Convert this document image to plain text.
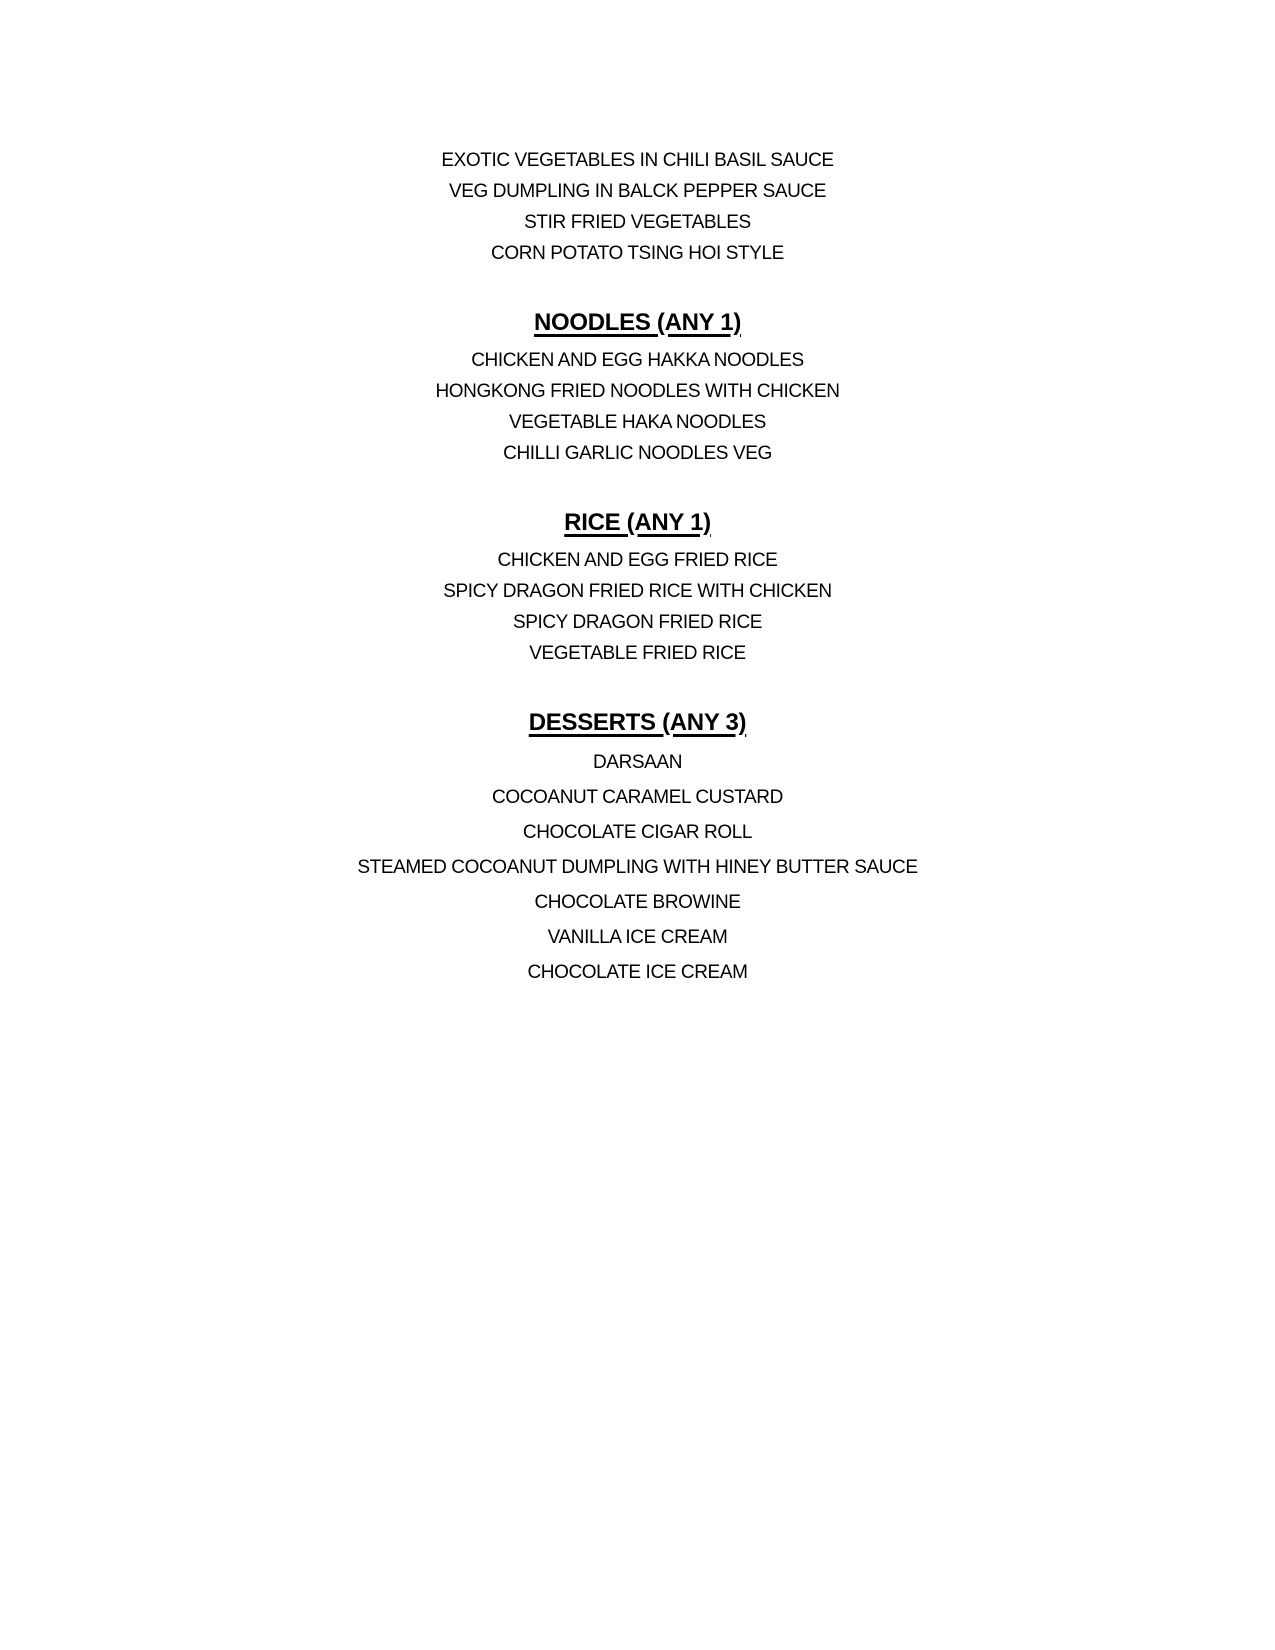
EXOTIC VEGETABLES IN CHILI BASIL SAUCE
VEG DUMPLING IN BALCK PEPPER SAUCE
STIR FRIED VEGETABLES
CORN POTATO TSING HOI STYLE
NOODLES (ANY 1)
CHICKEN AND EGG HAKKA NOODLES
HONGKONG FRIED NOODLES WITH CHICKEN
VEGETABLE HAKA NOODLES
CHILLI GARLIC NOODLES VEG
RICE (ANY 1)
CHICKEN AND EGG FRIED RICE
SPICY DRAGON FRIED RICE WITH CHICKEN
SPICY DRAGON FRIED RICE
VEGETABLE FRIED RICE
DESSERTS (ANY 3)
DARSAAN
COCOANUT CARAMEL CUSTARD
CHOCOLATE CIGAR ROLL
STEAMED COCOANUT DUMPLING WITH HINEY BUTTER SAUCE
CHOCOLATE BROWINE
VANILLA ICE CREAM
CHOCOLATE ICE CREAM
